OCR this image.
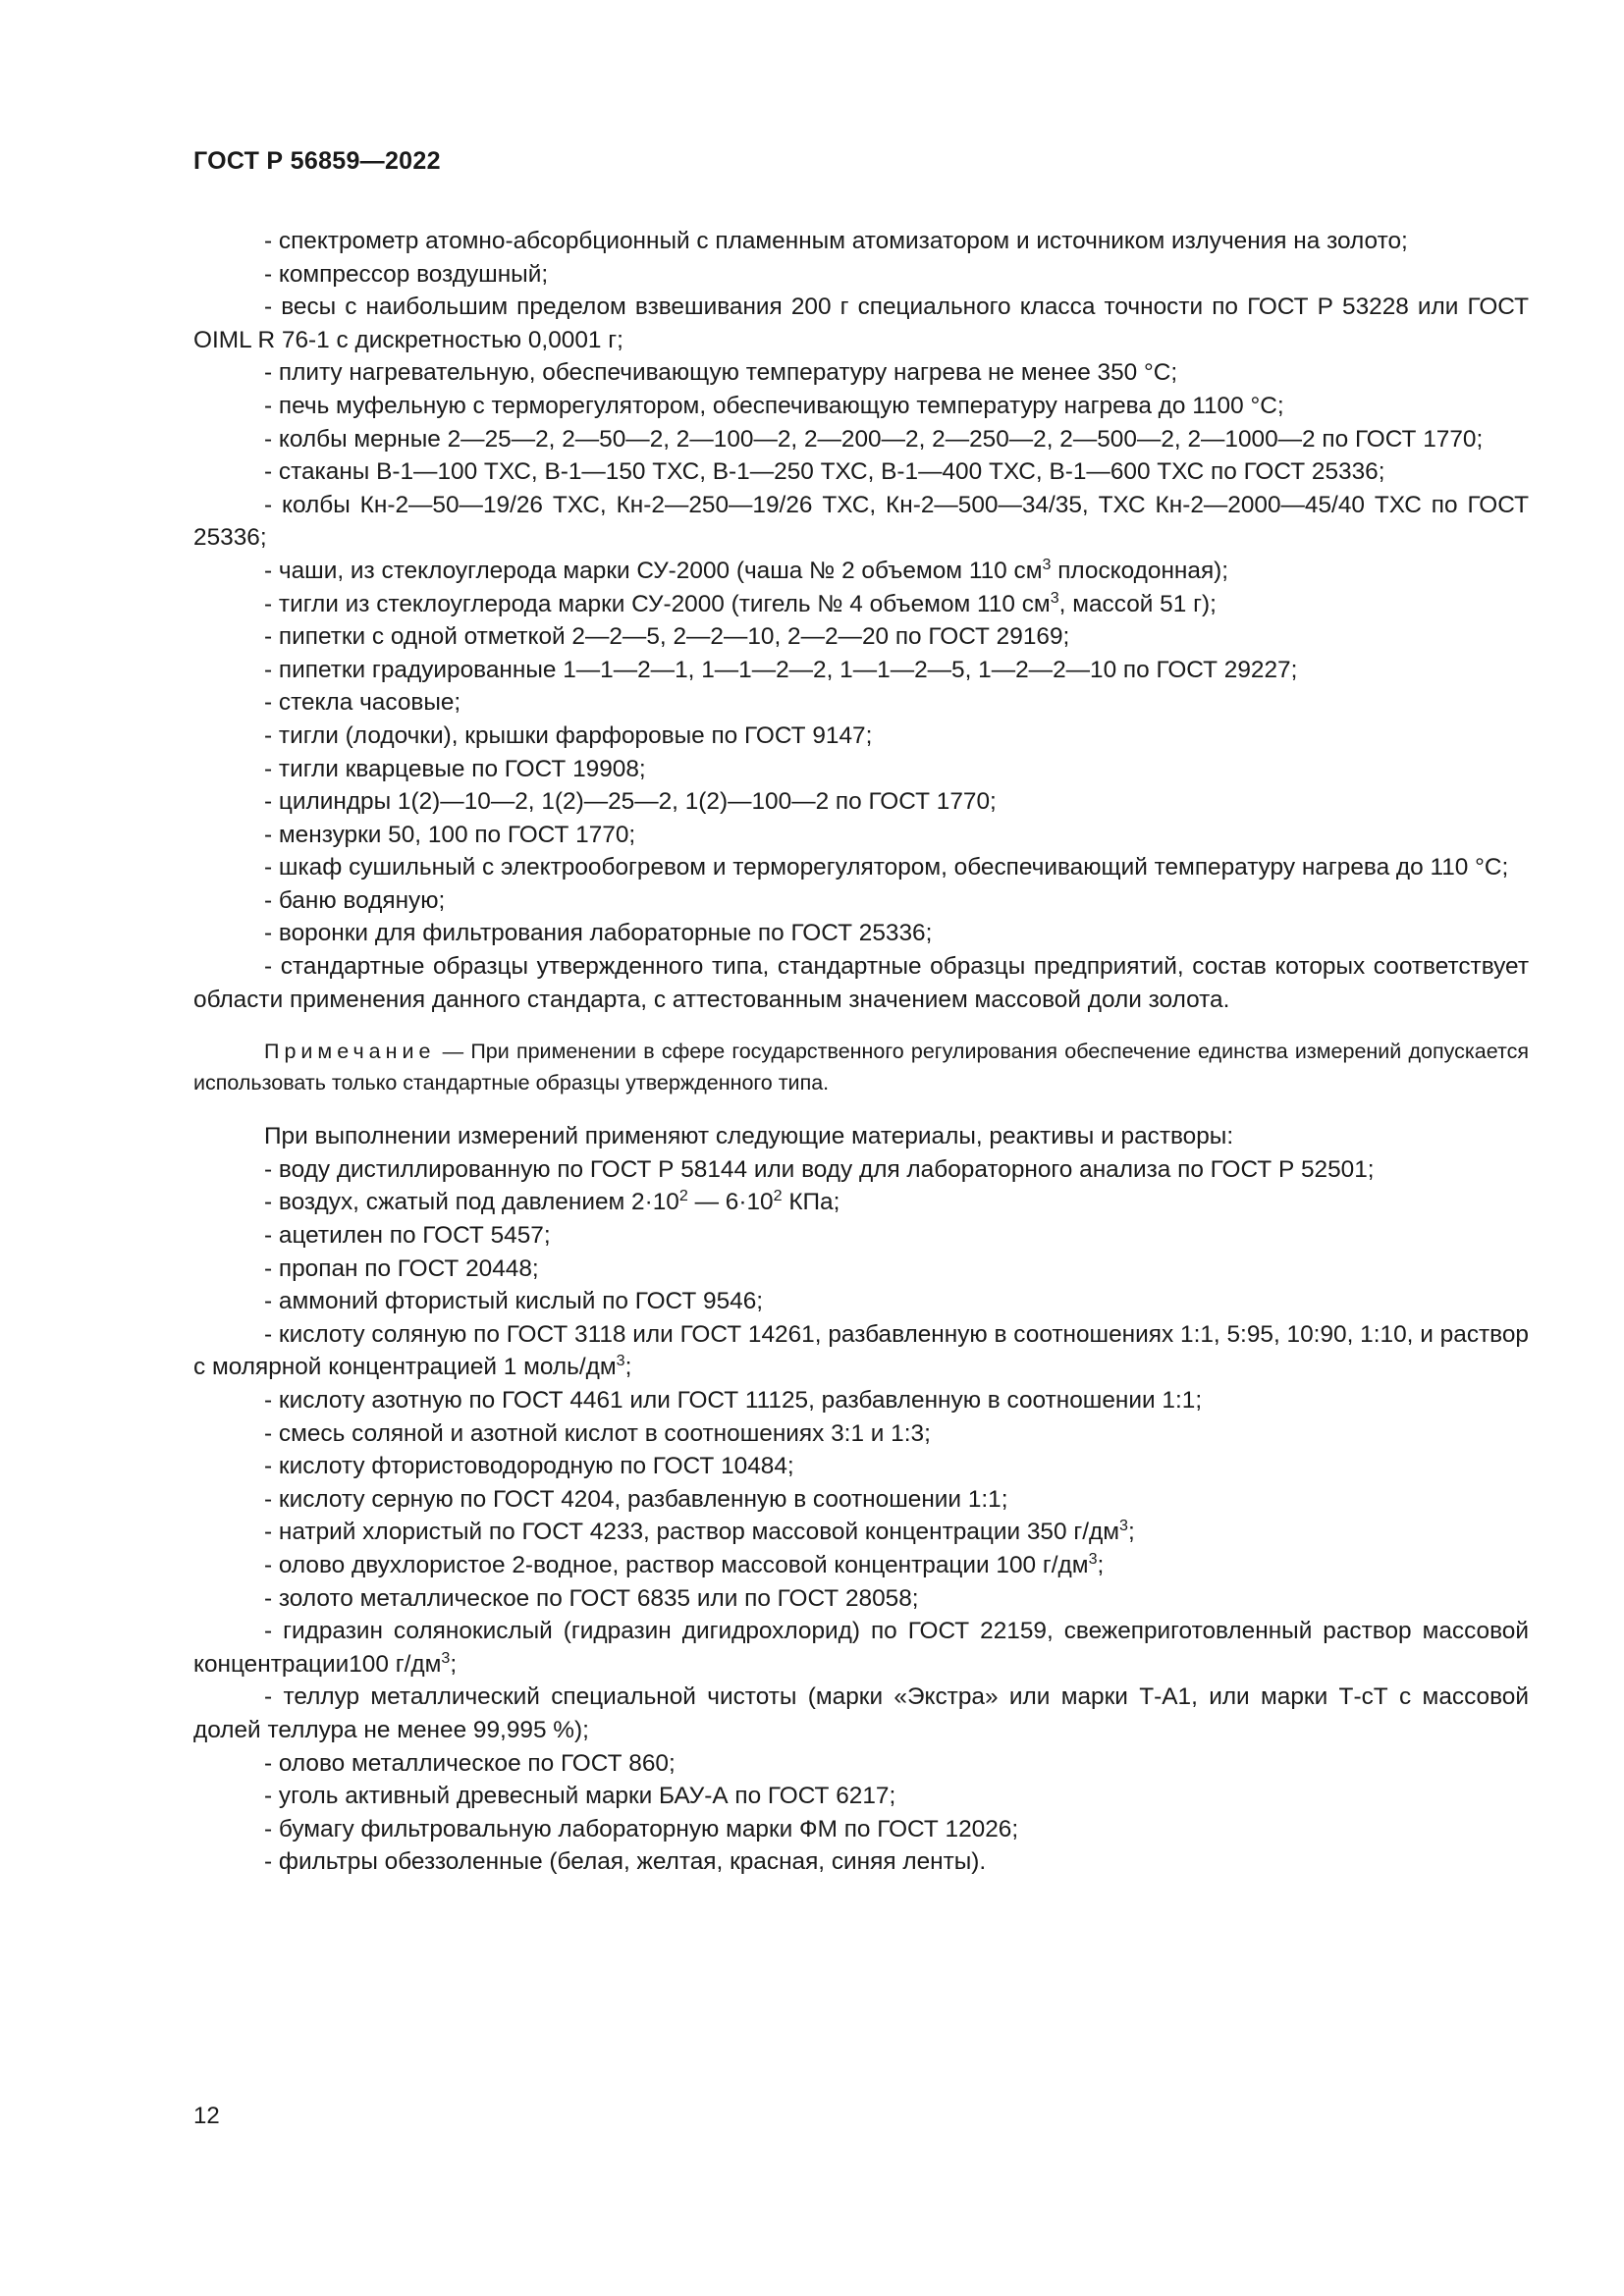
ГОСТ Р 56859—2022

- спектрометр атомно-абсорбционный с пламенным атомизатором и источником излучения на золото;

- компрессор воздушный;

- весы с наибольшим пределом взвешивания 200 г специального класса точности по ГОСТ Р 53228 или ГОСТ OIML R 76-1 с дискретностью 0,0001 г;

- плиту нагревательную, обеспечивающую температуру нагрева не менее 350 °С;

- печь муфельную с терморегулятором, обеспечивающую температуру нагрева до 1100 °С;

- колбы мерные 2—25—2, 2—50—2, 2—100—2, 2—200—2, 2—250—2, 2—500—2, 2—1000—2 по ГОСТ 1770;

- стаканы В-1—100 ТХС, В-1—150 ТХС, В-1—250 ТХС, В-1—400 ТХС, В-1—600 ТХС по ГОСТ 25336;

- колбы Кн-2—50—19/26 ТХС, Кн-2—250—19/26 ТХС, Кн-2—500—34/35, ТХС Кн-2—2000—45/40 ТХС по ГОСТ 25336;

- чаши, из стеклоуглерода марки СУ-2000 (чаша № 2 объемом 110 $см^3$ плоскодонная);

- тигли из стеклоуглерода марки СУ-2000 (тигель № 4 объемом 110 $см^3$, массой 51 г);

- пипетки с одной отметкой 2—2—5, 2—2—10, 2—2—20 по ГОСТ 29169;

- пипетки градуированные 1—1—2—1, 1—1—2—2, 1—1—2—5, 1—2—2—10 по ГОСТ 29227;

- стекла часовые;

- тигли (лодочки), крышки фарфоровые по ГОСТ 9147;

- тигли кварцевые по ГОСТ 19908;

- цилиндры 1(2)—10—2, 1(2)—25—2, 1(2)—100—2 по ГОСТ 1770;

- мензурки 50, 100 по ГОСТ 1770;

- шкаф сушильный с электрообогревом и терморегулятором, обеспечивающий температуру нагрева до 110 °С;

- баню водяную;

- воронки для фильтрования лабораторные по ГОСТ 25336;

- стандартные образцы утвержденного типа, стандартные образцы предприятий, состав которых соответствует области применения данного стандарта, с аттестованным значением массовой доли золота.

Примечание — При применении в сфере государственного регулирования обеспечение единства измерений допускается использовать только стандартные образцы утвержденного типа.

При выполнении измерений применяют следующие материалы, реактивы и растворы:

- воду дистиллированную по ГОСТ Р 58144 или воду для лабораторного анализа по ГОСТ Р 52501;

- воздух, сжатый под давлением $2\cdot 10^2$ — $6\cdot 10^2$ КПа;

- ацетилен по ГОСТ 5457;

- пропан по ГОСТ 20448;

- аммоний фтористый кислый по ГОСТ 9546;

- кислоту соляную по ГОСТ 3118 или ГОСТ 14261, разбавленную в соотношениях 1:1, 5:95, 10:90, 1:10, и раствор с молярной концентрацией 1 моль/$дм^3$;

- кислоту азотную по ГОСТ 4461 или ГОСТ 11125, разбавленную в соотношении 1:1;

- смесь соляной и азотной кислот в соотношениях 3:1 и 1:3;

- кислоту фтористоводородную по ГОСТ 10484;

- кислоту серную по ГОСТ 4204, разбавленную в соотношении 1:1;

- натрий хлористый по ГОСТ 4233, раствор массовой концентрации 350 $г/дм^3$;

- олово двухлористое 2-водное, раствор массовой концентрации 100 $г/дм^3$;

- золото металлическое по ГОСТ 6835 или по ГОСТ 28058;

- гидразин солянокислый (гидразин дигидрохлорид) по ГОСТ 22159, свежеприготовленный раствор массовой концентрации100 $г/дм^3$;

- теллур металлический специальной чистоты (марки «Экстра» или марки Т-А1, или марки Т-сТ с массовой долей теллура не менее 99,995 %);

- олово металлическое по ГОСТ 860;

- уголь активный древесный марки БАУ-А по ГОСТ 6217;

- бумагу фильтровальную лабораторную марки ФМ по ГОСТ 12026;

- фильтры обеззоленные (белая, желтая, красная, синяя ленты).

12
